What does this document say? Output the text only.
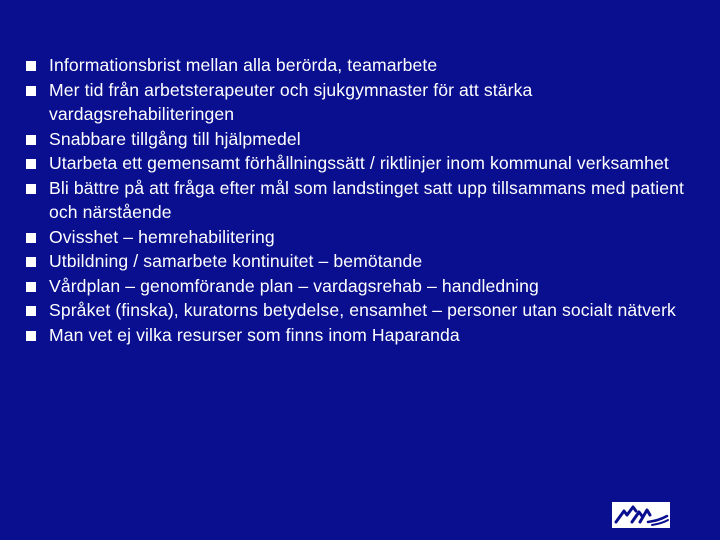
Informationsbrist mellan alla berörda, teamarbete
Mer tid från arbetsterapeuter och sjukgymnaster för att stärka vardagsrehabiliteringen
Snabbare tillgång till hjälpmedel
Utarbeta ett gemensamt förhållningssätt / riktlinjer inom kommunal verksamhet
Bli bättre på att fråga efter mål som landstinget satt upp tillsammans med patient och närstående
Ovisshet – hemrehabilitering
Utbildning / samarbete kontinuitet – bemötande
Vårdplan – genomförande plan – vardagsrehab – handledning
Språket (finska), kuratorns betydelse, ensamhet – personer utan socialt nätverk
Man vet ej vilka resurser som finns inom Haparanda
